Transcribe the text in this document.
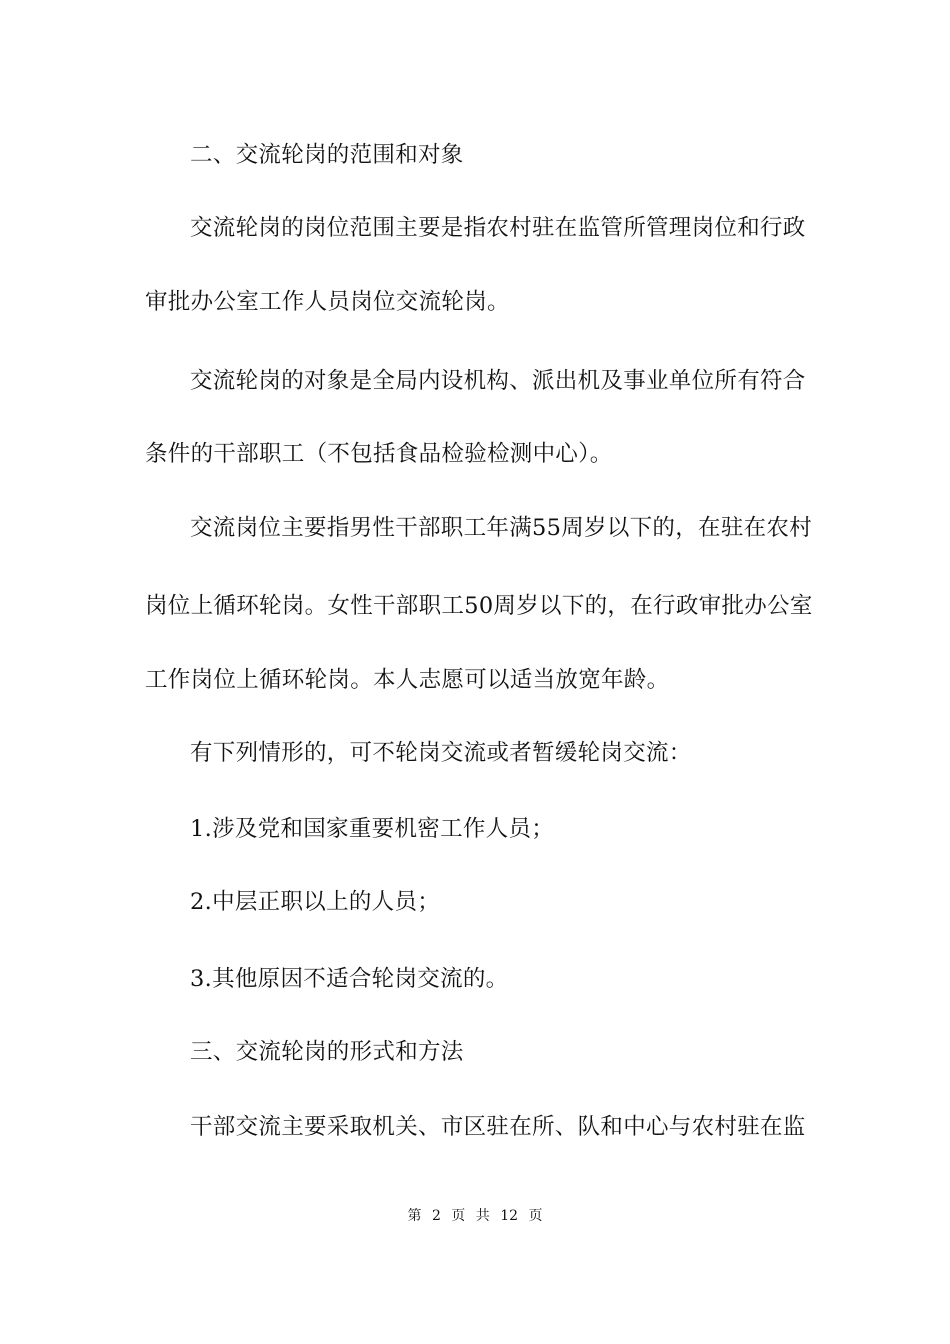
二、交流轮岗的范围和对象
交流轮岗的岗位范围主要是指农村驻在监管所管理岗位和行政
审批办公室工作人员岗位交流轮岗。
交流轮岗的对象是全局内设机构、派出机及事业单位所有符合
条件的干部职工（不包括食品检验检测中心）。
交流岗位主要指男性干部职工年满55周岁以下的，在驻在农村
岗位上循环轮岗。女性干部职工50周岁以下的，在行政审批办公室
工作岗位上循环轮岗。本人志愿可以适当放宽年龄。
有下列情形的，可不轮岗交流或者暂缓轮岗交流：
1.涉及党和国家重要机密工作人员；
2.中层正职以上的人员；
3.其他原因不适合轮岗交流的。
三、交流轮岗的形式和方法
干部交流主要采取机关、市区驻在所、队和中心与农村驻在监
第 2 页 共 12 页
